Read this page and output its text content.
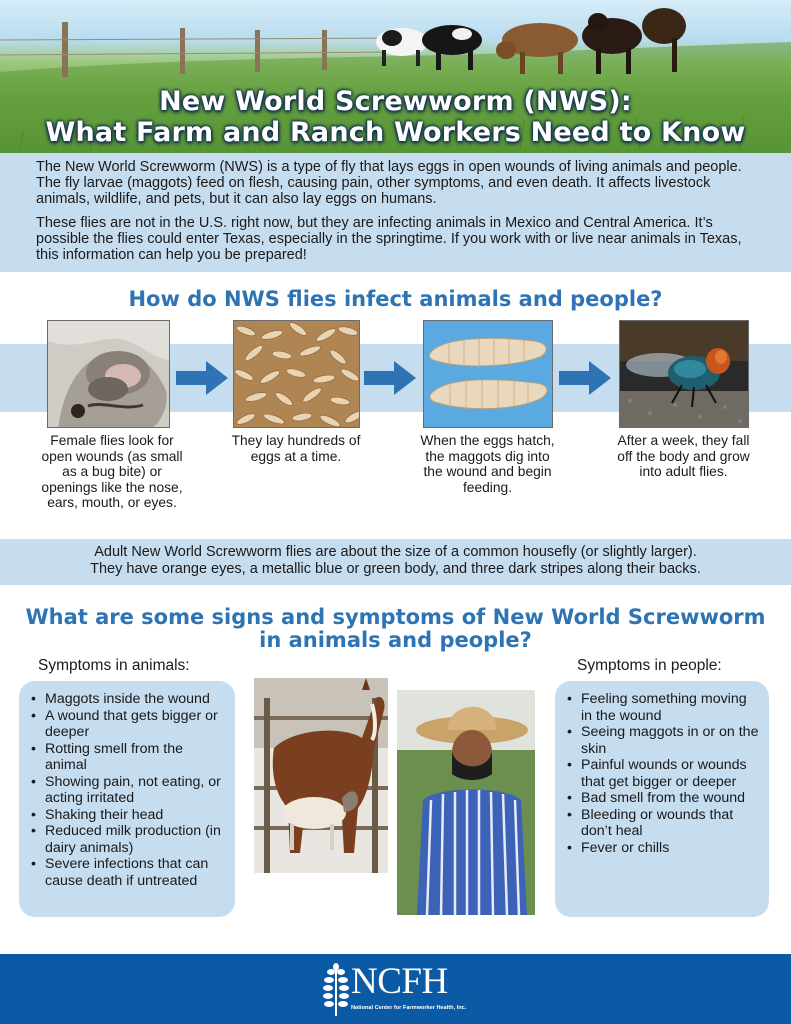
New World Screwworm (NWS):
What Farm and Ranch Workers Need to Know

The New World Screwworm (NWS) is a type of fly that lays eggs in open wounds of living animals and people. The fly larvae (maggots) feed on flesh, causing pain, other symptoms, and even death. It affects livestock animals, wildlife, and pets, but it can also lay eggs on humans.

These flies are not in the U.S. right now, but they are infecting animals in Mexico and Central America. It’s possible the flies could enter Texas, especially in the springtime. If you work with or live near animals in Texas, this information can help you be prepared!

How do NWS flies infect animals and people?
Female flies look for open wounds (as small as a bug bite) or openings like the nose, ears, mouth, or eyes.
They lay hundreds of eggs at a time.
When the eggs hatch, the maggots dig into the wound and begin feeding.
After a week, they fall off the body and grow into adult flies.
Adult New World Screwworm flies are about the size of a common housefly (or slightly larger).
They have orange eyes, a metallic blue or green body, and three dark stripes along their backs.
What are some signs and symptoms of New World Screwworm
in animals and people?
Symptoms in animals:	Symptoms in people:
• Maggots inside the wound
• A wound that gets bigger or deeper
• Rotting smell from the animal
• Showing pain, not eating, or acting irritated
• Shaking their head
• Reduced milk production (in dairy animals)
• Severe infections that can cause death if untreated
• Feeling something moving in the wound
• Seeing maggots in or on the skin
• Painful wounds or wounds that get bigger or deeper
• Bad smell from the wound
• Bleeding or wounds that don’t heal
• Fever or chills
NCFH
National Center for Farmworker Health, Inc.
